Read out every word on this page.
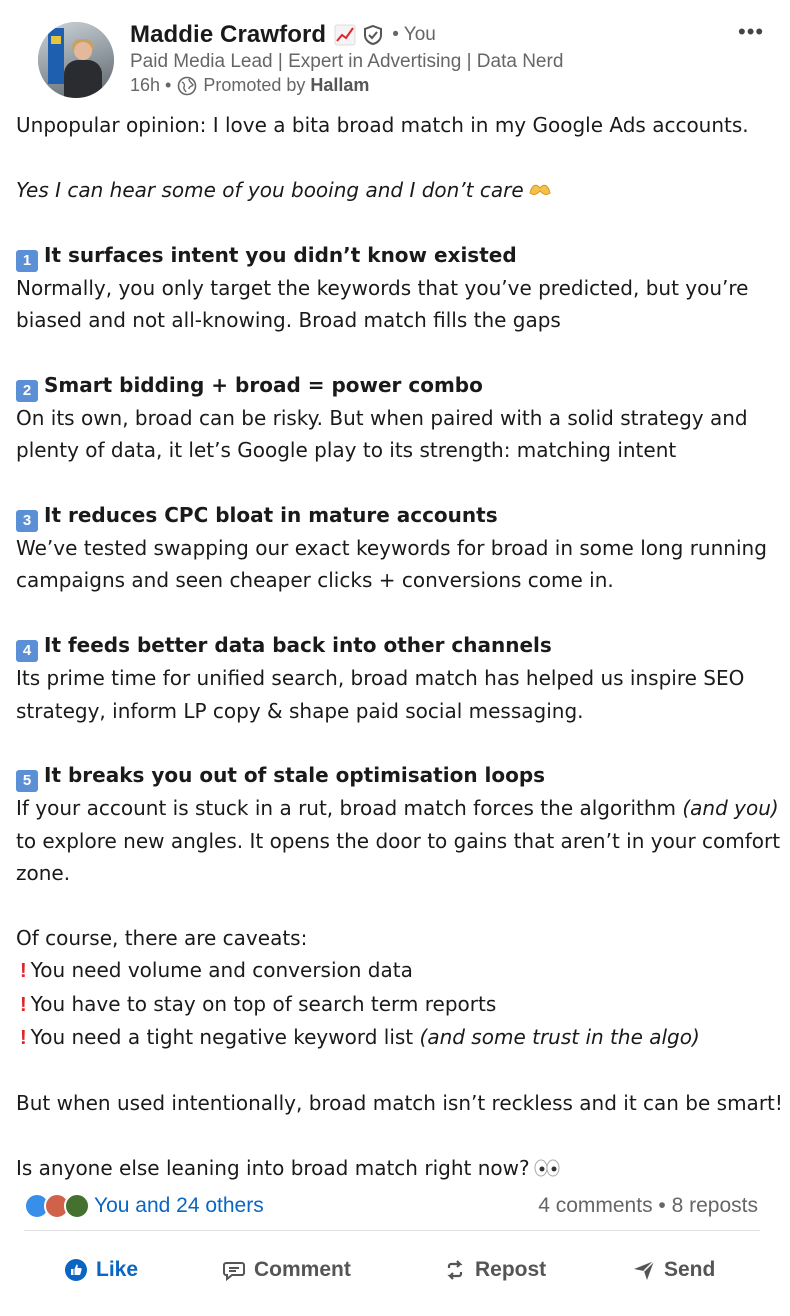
Maddie Crawford	• You
Paid Media Lead | Expert in Advertising | Data Nerd
16h • Promoted by Hallam
•••

Unpopular opinion: I love a bita broad match in my Google Ads accounts.

Yes I can hear some of you booing and I don’t care

1 It surfaces intent you didn’t know existed

Normally, you only target the keywords that you’ve predicted, but you’re

biased and not all-knowing. Broad match fills the gaps

2 Smart bidding + broad = power combo

On its own, broad can be risky. But when paired with a solid strategy and

plenty of data, it let’s Google play to its strength: matching intent

3 It reduces CPC bloat in mature accounts

We’ve tested swapping our exact keywords for broad in some long running

campaigns and seen cheaper clicks + conversions come in.

4 It feeds better data back into other channels

Its prime time for unified search, broad match has helped us inspire SEO

strategy, inform LP copy & shape paid social messaging.

5 It breaks you out of stale optimisation loops

If your account is stuck in a rut, broad match forces the algorithm (and you)

to explore new angles. It opens the door to gains that aren’t in your comfort

zone.

Of course, there are caveats:

! You need volume and conversion data

! You have to stay on top of search term reports

! You need a tight negative keyword list (and some trust in the algo)

But when used intentionally, broad match isn’t reckless and it can be smart!

Is anyone else leaning into broad match right now?

You and 24 others	4 comments • 8 reposts
Like	Comment	Repost	Send
